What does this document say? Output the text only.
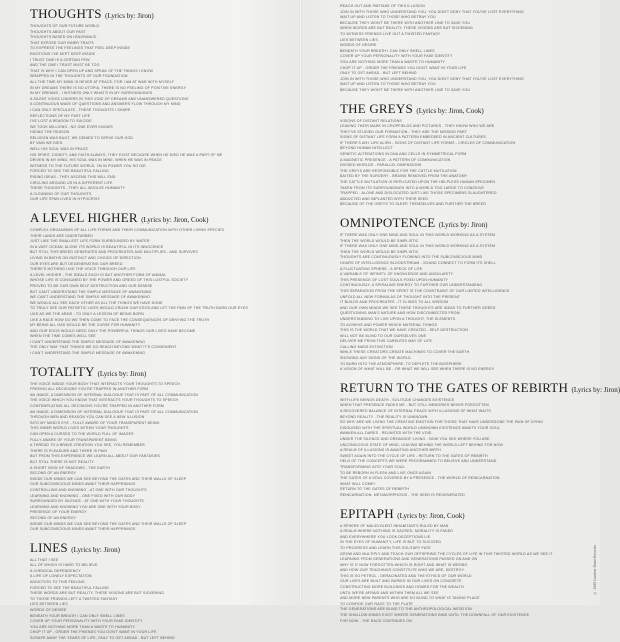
THOUGHTS (Lyrics by: Jiron)
THOUGHTS OF OUR FUTURE WORLD
THOUGHTS ABOUT OUR PAST
THOUGHTS BASED ON IGNORANCE
THAT EXPOSE OUR INNER TRAITS
TO EXPRESS THE FEELINGS THAT FEEL DEEP INSIDE
EMOTIONS I'VE KEPT DEEP INSIDE
I TRUST ONE IS A CERTAIN FEW
AND THE ONE I TRUST MUST BE TOO
THAT IS WHY I CAN OPEN UP AND SPEAK OF THE THINGS I KNOW
WRAPPED IN THE THOUGHTS OF OUR FOUNDATION
ALL THE TIME MY MIND IS NEVER AT PEACE, FOR I AM AT WAR WITH MYSELF
IN MY DREAMS THERE IS NO UTOPIA, THERE IS NO FEELING OF POSITIVE ENERGY
IN MY DREAMS - I WITNESS ONLY WHAT'S IN MY SURROUNDINGS
A SILENT VOICE LINGERS IN THIS VOID OF DREAMS AND UNANSWERED QUESTIONS
A CONTINUOUS WAVE OF QUESTIONS AND ANSWERS FLOW THROUGH MY MIND
I CAN ONLY SPECULATE - THESE THOUGHTS I SHARE
REFLECTIONS OF MY PAST LIFE
I'VE LOST A REASON TO SUICIDE
WE TOOK MILLIONS - NO ONE EVER KNOWS
HIDING THE REASON
RELIGION WAS BUILT, WE DENIED TO SERVE OUR GOD
BY VAIN WE DIED
WELL HIS SOUL WAS IN PEACE
HIS SPIRIT, DIGNITY, AND FAITH ALWAYS, THEY EXIST BECAUSE WHEN HE DIED HE WAS A PART OF ME
DRIVEN IN MY MIND, HIS SOUL WAS IN MINE, WHEN HE WAS IN PEACE
WITNESS TO THE FUTURE WORLD, I'M IN POWER YOU SO DIE
FORCED TO SEE THE BEAUTIFUL FALLING
RISING IDEAS - THEY ASCEND THIS WILL END
CIRCLING AROUND US IN A DIFFERENT LIFE
THESE THOUGHTS - THEY ALL INVOLVE HUMANITY
A CLEANING OF OUR THOUGHTS
OUR LIFE SPAN LIVED IN HYPOCRISY
A LEVEL HIGHER (Lyrics by: Jiron, Cook)
COMPLEX ORGANISMS OF ALL LIFE FORMS AND THEIR COMMUNICATION WITH OTHER LIVING SPECIES
THEIR LANDS ARE UNDISTURBED
JUST LIKE THE SMALLEST LIFE FORM SURROUNDED BY WATER
IN A VAST OCEAN, ALONE ITS WORLD IS BEAUTIFUL IN ITS INNOCENCE
BUT STILL THIS BREED GENERATES AND PROCREATES AND MULTIPLIES - AND SURVIVES
LIVING IN BATHS ON INSTINCT AND CHOICE OF DIRECTION
OUR EYES ARE BUT DEGENERATING OUR BREED
THERE'S NOTHING LIKE THE VOICE THROUGH OUR LIFE
A LEVEL HIGHER - THE IDEALS EACH IS BUT ANOTHER FORM OF ANIMAL
WHOSE LIFE IS CONSUMED BY THE POWER AND GREED OF THIS LUSTFUL SOCIETY
PROVED TO BE OUR OWN SELF DESTRUCTION AND OUR DEMISE
BUT CAN'T UNDERSTAND THE SIMPLE MESSAGE OF AWAKENING
WE CAN'T UNDERSTAND THE SIMPLE MESSAGE OF AWAKENING
WE WOULD ALL SEE EACH OTHER AS ALL THE THINGS WE HAVE DONE
TO TRULY SEE OUR PATHETIC LIVES WOULD CRUSH OUR EGOS AND LET THE PAIN OF THE TRUTH BURN OUR EYES
LIKE AS WE THE ARMS - TO ONLY A LESSON OF BEING BORN
LIKE A RACE HOW DO WE THEN COME TO FACE THE CONSEQUENCES OF DENYING THE TRUTH
MY BEING ALL HAS WOULD BE THE CURSE FOR HUMANITY
AND OUR EGOS WOULD NEED ONLY THE POWERFUL THINGS OUR LIVES HAVE BECOME
WHEN THE TIME COMES WELL SEE
I CAN'T UNDERSTAND THE SIMPLE MESSAGE OF AWAKENING
THE ONLY WAY THAT THINGS WE DO REACH BEYOND WHAT IT'S CONVENIENT
I CAN'T UNDERSTAND THE SIMPLE MESSAGE OF AWAKENING
TOTALITY (Lyrics by: Jiron)
THE VOICE INSIDE YOUR BODY THAT INTERACTS YOUR THOUGHTS TO SPEECH
FREEING ALL DECISIONS YOU'RE TRAPPED IN ANOTHER FORM
AN IMAGE, A DIMENSION OF INTERNAL DIALOGUE THAT IS PART OF ALL COMMUNICATION
THE VOICE WHICH YOU KNOW THAT INTERACTS YOUR THOUGHTS TO SPEECH
CONTEMPLATING ALL DECISIONS YOU'RE TRAPPED IN ANOTHER FORM
AN IMAGE, A DIMENSION OF INTERNAL DIALOGUE THAT IS PART OF ALL COMMUNICATION
THROUGH MEN AND REASON YOU CAN SEE A NEW ILLUSION
INTO MY MIND'S EYE - FULLY AWARE OF YOUR TRANSPARENT BEING
THIS INNER WORLD LIVES WITHIN YOUR THOUGHTS
CAN OPEN A CURSED TO THE WORLD FULL OF IMAGES
FULLY AWARE OF YOUR TRANSPARENT BEING
A THREAD TO A BRAVE CREATION YOU SEE, YOU REMEMBER
THERE IS PLEASURE AND THERE IS PAIN
BUT FROM THIS EXPERIENCE WE LEARN ALL ABOUT OUR FANTASIES
BUT STILL THERE IS NOT REALITY
A SHORT VIEW OF SHADOWS - THE EARTH
SECOND OF AN ENERGY
INSIDE OUR MINDS WE CAN SEE BEYOND THE GATES AND THEIR WALLS OF SLEEP
OUR SUBCONSCIOUS MINDS AWAIT THEIR HAPPENINGS
CONTROLLING AND KNOWING - AT ONE WITH OUR THOUGHTS
LEARNING AND KNOWING - ONE FIXED WITH OUR BODY
SURROUNDED BY SILENCE - AT ONE WITH YOUR THOUGHTS
LEARNING AND KNOWING YOU ARE ONE WITH YOUR BODY
PRESENCE OF YOUR ENERGY
SECOND OF AN ENERGY
INSIDE OUR MINDS WE CAN SEE BEYOND THE GATES AND THEIR WALLS OF SLEEP
OUR SUBCONSCIOUS MINDS AWAIT THEIR HAPPENINGS
LINES (Lyrics by: Jiron)
ALL THAT I SEE
ALL OF WHICH IS HARD TO BELIEVE
A CHEMICAL DEPENDENCY
A LIFE OF LONELY EXPECTATION
ADDICTION TO THIS FEELING
FORCED TO SEE THE BEAUTIFUL FALLING
THESE WORDS ARE BUT REALITY, THESE VISIONS ARE BUT SICKENING
TO THOSE FRIENDS LEFT A TWISTED FANTASY
LIES BETWEEN LIES
WORDS OF DESIRE
BENEATH YOUR BREATH I CAN ONLY SMELL LINES
COVER UP YOUR PERSONALITY WITH YOUR FAKE IDENTITY
YOU ARE NOTHING MORE THAN A WASTE TO HUMANITY
CHOP IT UP - ORDER THE FRIENDS YOU DON'T WANT IN YOUR LIFE
SCRAPE AWAY THE YEARS OF LIFE, ONLY TO GET AHEAD - BUT LEFT BEHIND
REACH OUT AND PARTAKE OF THIS ILLUSION
JOIN IN WITH THOSE WHO UNDERSTAND YOU, YOU DON'T DENY THAT YOU'VE LOST EVERYTHING
WAIT UP AND LISTEN TO THOSE WHO BETRAY YOU
BECAUSE THEY WON'T BE THERE WITH ANOTHER LINE TO SAVE YOU
WHEN WORDS ARE BUT REALITY, THESE VISIONS ARE BUT SICKENING
TO WITNESS FRIENDS LIVE OUT A TWISTED FANTASY
LIES BETWEEN LIES
WORDS OF DESIRE
BENEATH YOUR BREATH I CAN ONLY SMELL LINES
COVER UP YOUR PERSONALITY WITH YOUR FAKE IDENTITY
YOU ARE NOTHING MORE THAN A WASTE TO HUMANITY
CHOP IT UP - ORDER THE FRIENDS YOU DON'T WANT IN YOUR LIFE
ONLY TO GET AHEAD - BUT LEFT BEHIND
JOIN IN WITH THOSE WHO UNDERSTAND YOU, YOU DON'T DENY THAT YOU'VE LOST EVERYTHING
WAIT UP AND LISTEN TO THOSE WHO BETRAY YOU
BECAUSE THEY WON'T BE THERE WITH ANOTHER LINE TO SAVE YOU
THE GREYS (Lyrics by: Jiron, Cook)
VISIONS OF DISTANT RELATIONS
LEAVING THEIR MARK IN CROPFIELDS AND PICTURES - THEY KNOW WHO WE ARE
THEY'VE STUDIED OUR FORMATION - THEY ARE THE MISSING PART
SIGNS OF DISTANT LIFE FORM A PATTERN EMBEDDED IN ANCIENT CULTURES
IF THERE'S ANY LIFE ALIEN - SIGNS OF DISTANT LIFE FORMS - CIRCLES OF COMMUNICATION
BEYOND HUMAN INTELLECT
GENETIC ALTERATIONS IN DNA AND CELLS IN SYMMETRICAL FORM
A MAGNETIC PRESENCE - A PATTERN OF COMMUNICATION
DIVIDED WORLDS - PARALLEL DIMENSIONS
THE GREYS ARE RESPONSIBLE FOR THE CATTLE MUTILATION
BAITED BY THE SURGERY - BRAINS REMOVED FROM THE ANATOMY
THE CATTLE MUTILATION IS REPLICATED UPON THE HELPLESS HUMAN SPECIMEN
TAKEN FROM ITS SURROUNDINGS INTO A WORLD TOO LARGE TO CONCEIVE
TRAPPED - ALONE AND DISLOCATED JUST LIKE THOSE SPECIMENS SLAUGHTERED
ABDUCTED AND IMPLANTED WITH THEIR SEED
BECAUSE OF THE GREYS TO SLEEP, THEMSELVES AND FURTHER THE BREED
OMNIPOTENCE (Lyrics by: Jiron)
IF THERE WAS ONLY ONE MIND AND SOUL IN THIS WORLD WORKING AS A SYSTEM
THEN THE WORLD WOULD BE SIMPLISTIC
IF THERE WAS ONLY ONE MIND AND SOUL IN THIS WORLD WORKING AS A SYSTEM
THEN THE WORLD WOULD BE SIMPLISTIC
THOUGHTS ARE CONTINUOUSLY FLOWING INTO THE SUBCONSCIOUS MIND
HOURS OF INTELLIGENCE BLOODSTREAM - SOUND CONNECT TO FORM ITS SHELL
A FLUCTUATING SPHERE - A SPECK OF LIFE
A VARIABLE OF INFINITY, OF KNOWLEDGE AND ANGULARITY
THIS PRESENCE OF LOST SOULS FIXED UPON HUMANITY
CONTINUOUSLY, A SPIRALING ENERGY TO FURTHER OUR UNDERSTANDING
THIS SEPARATION FROM THE SPIRIT IS THE CONSTRAINT OF OUR LIMITED INTELLIGENCE
UNFOLD ALL NEW FORMULAS OF THOUGHT INTO THE PRESENT
IT BUILDS AND PROCREATES - IT CLINGS TO ALL WISDOM
AND OUR OWN MINDS WE SEE THESE THOUGHTS ARE IDEAS TO FURTHER GREED
QUESTIONING MAN'S NATURE AND HOW DISCONNECTED FROM
UNDERSTANDING TO LIVE UPON A THOUGHT, THE ELEMENTS
TO ACHIEVE AND POWER WHICH MATERIAL THINGS
THIS IS THE WORLD THAT WE HAVE CREATED - SELF-DESTRUCTION
WILL NOT BE BLIND TO OUR OURSELVES ONE
DELIVER ME FROM THIS CARELESS WAY OF LIFE
CALLING MASS EXTINCTION
WHILE THESE CREATORS CREATE MACHINES TO COVER THE EARTH
SHOWING ANY SIGNS OF THE WORLD
TO BURN INTO THE ATMOSPHERE, TO DEPLETE THE BIOSPHERE
A VISION OF WHAT WILL BE - OR WHAT WE WILL SEE WHEN THERE IS NO ENERGY
RETURN TO THE GATES OF REBIRTH (Lyrics by: Jiron)
WITH LIFE BEINGS DEATH - SOLITUDE CHANGES EXISTENCE
WHEN THAT PRESENCE FADES ME - BUT STILL MEMORIES NEVER FORGOTTEN
A RECOVERED BALANCE OF INTERNAL PEACE WITH ILLUSIONS OF WHAT WAITS
BEYOND REALITY - THE REALITY IS UNKNOWN
SO WHY ARE WE LIVING THE CREATING EMOTION FOR THOSE THAT HAVE UNDERGONE THE PAIN OF DYING
DISGUISED WITH THE SPIRITUAL WORLD UNKNOWN EXISTENCE AWAITS YOUR SOUL
AWAKEN ALL DARES - REUNITED WITH THE VOID
UNDER THE SILENCE AND DREAMSOF LIVING - NOW YOU SEE WHERE YOU ARE
UNCONSCIOUS STATE OF MIND, LEAVING BEHIND THE WORLD LEFT BEHIND FOR NOW
A REALM OF ILLUSIONS IS AWAITING ANOTHER BIRTH
SWEET AGAIN INTO THE CYCLE OF LIFE - RETURN TO THE GATES OF REBIRTH
HELD OF THE CONCEPTS WE WERE PROGRAMMED TO BELIEVE AND UNDERSTAND
TRANSFORMING INTO YOUR SOUL
TO BE REBORN IN FLESH AND LIVE ONCE AGAIN
THE GATES OF A SOUL COVERED BY A PRESENCE - THE WORLD OF REINCARNATION
WHAT WILL COME?
RETURN TO THE GATES OF REBIRTH
REINCARNATION, METAMORPHOSIS - THE SEED IS REGENERATED
EPITAPH (Lyrics by: Jiron, Cook)
A SPHERE OF MALEVOLENT INHABITANTS RULED BY MAN
A REALM WHERE NOTHING IS SACRED, MORALITY IS FADED
AND EVERYWHERE YOU LOOK DECEPTIONS LIE
IN THE EYES OF HUMANITY, LIFE IS BUT TO SUCCEED
TO PROGRESS AND LEARN THIS SOLITARY FATE
GROW AND MULTIPLY AND TEACH OUR OFFSPRING THE CYCLES OF LIFE IN THIS TWISTED WORLD AS WE SEE IT
LEARNING FROM GENERATIONS AND GENERATIONS PASSED ON AND ON
WHY IS IT NOW FORGOTTEN WHICH IS RIGHT AND WHAT IS WRONG
AND HOW OUR TEACHINGS CONSTITUTE WHO WE ARE, DESTROY
THIS IS SO PETROL - DERACINATED AND THE ETHICS OF OUR WORLD
OUR LIVES ARE BUILT AND BURIED IN OUR LIVES ON CONCRETE
CONSTRUCTING MORE BUILDINGS AND HOMES FOR THE WEALTH
UNTIL WE'RE AFRAID AND WITHIN THEM ALL WE SEE
AND MORE NEW PARENTS WHO ARE SO BLIND TO WHAT IS TAKING PLACE
TO CONFIDE OUR RACE TO THE PLATE
THE GENERATIONS ARE BLIND TO THE ANTHROPOLOGICAL IMITATION
THE SHALLOW MINDS EXIST WHERE GENERATIONS BIND UNTIL THE DOWNFALL OF OUR EXISTENCE
FOR NOW - THE RACE CONTINUES ON
© 1995 Nuclear Blast Records
